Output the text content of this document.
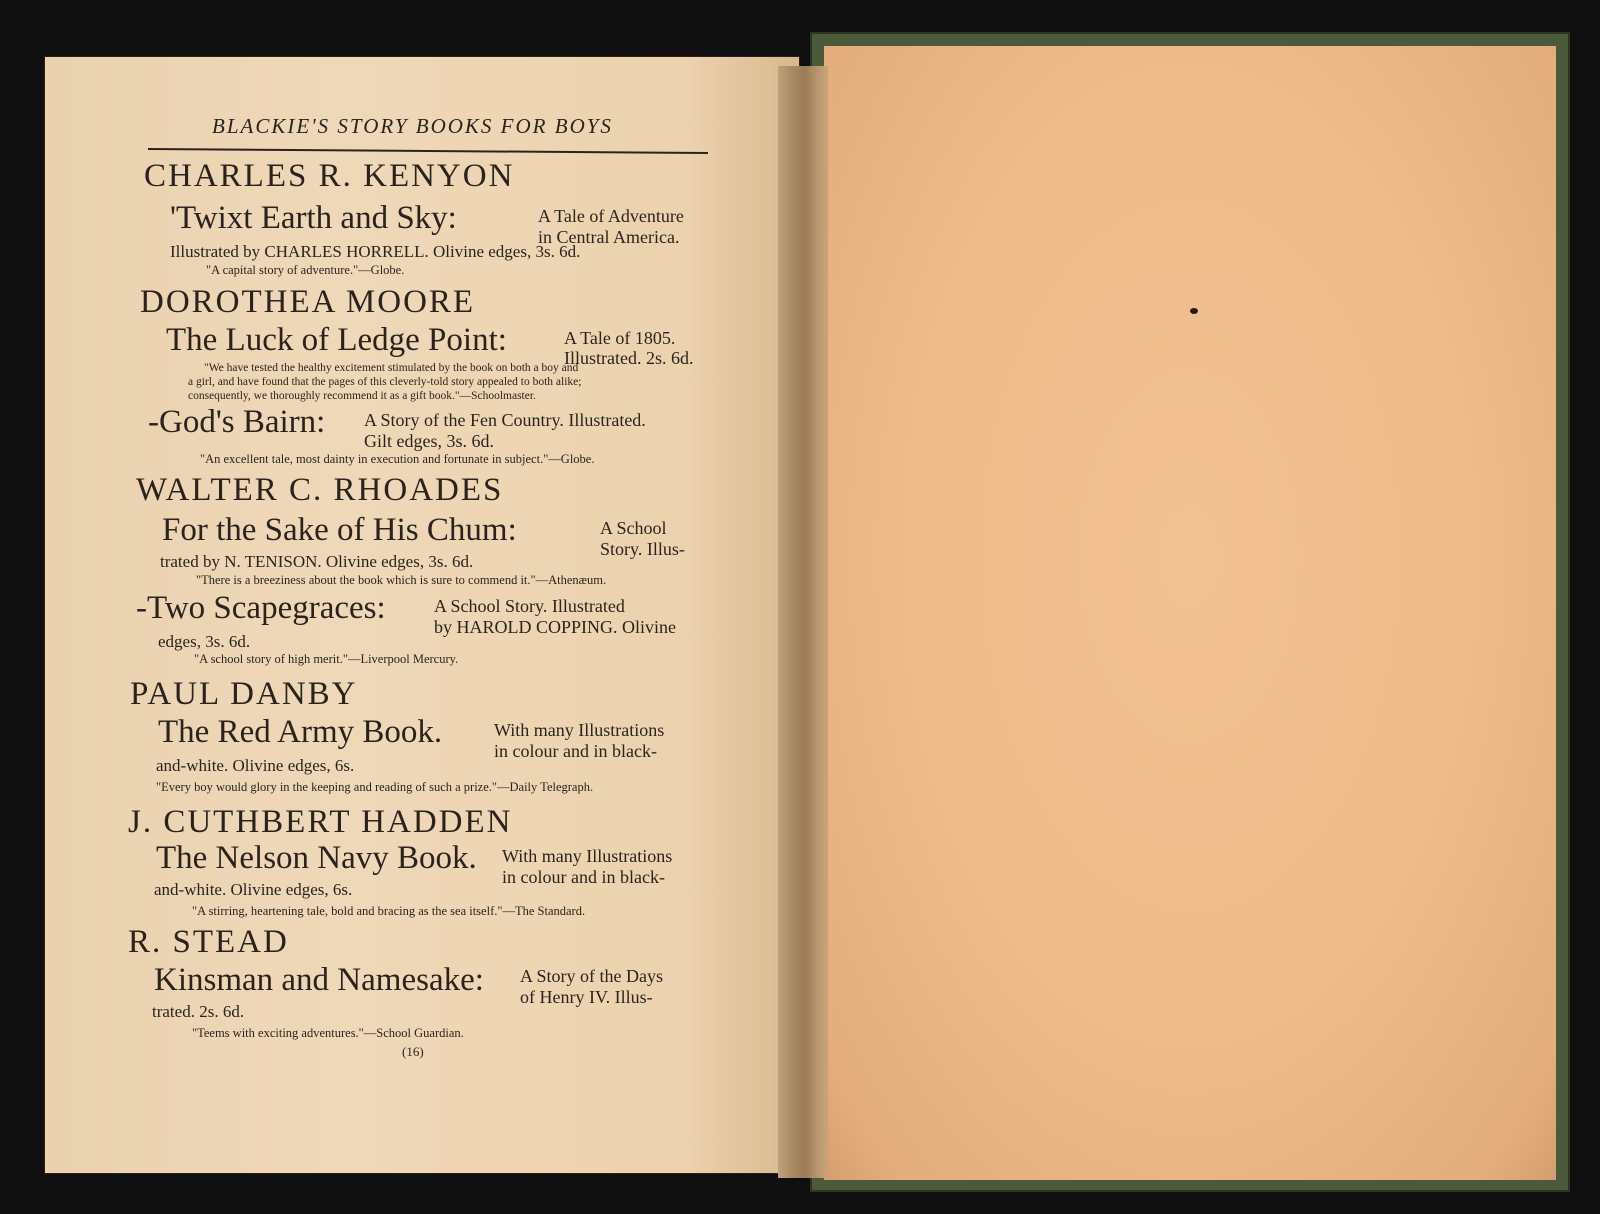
BLACKIE'S STORY BOOKS FOR BOYS
CHARLES R. KENYON
'Twixt Earth and Sky:	A Tale of Adventure
in Central America.
Illustrated by CHARLES HORRELL. Olivine edges, 3s. 6d.
"A capital story of adventure."—Globe.
DOROTHEA MOORE
The Luck of Ledge Point:	A Tale of 1805.
Illustrated. 2s. 6d.
"We have tested the healthy excitement stimulated by the book on both a boy and
a girl, and have found that the pages of this cleverly-told story appealed to both alike;
consequently, we thoroughly recommend it as a gift book."—Schoolmaster.
-God's Bairn: A Story of the Fen Country. Illustrated.
Gilt edges, 3s. 6d.
"An excellent tale, most dainty in execution and fortunate in subject."—Globe.
WALTER C. RHOADES
For the Sake of His Chum:	A School
Story. Illus-
trated by N. TENISON. Olivine edges, 3s. 6d.
"There is a breeziness about the book which is sure to commend it."—Athenæum.
-Two Scapegraces:	A School Story. Illustrated
by HAROLD COPPING. Olivine
edges, 3s. 6d.
"A school story of high merit."—Liverpool Mercury.
PAUL DANBY
The Red Army Book.	With many Illustrations
in colour and in black-
and-white. Olivine edges, 6s.
"Every boy would glory in the keeping and reading of such a prize."—Daily Telegraph.
J. CUTHBERT HADDEN
The Nelson Navy Book. With many Illustrations
in colour and in black-
and-white. Olivine edges, 6s.
"A stirring, heartening tale, bold and bracing as the sea itself."—The Standard.
R. STEAD
Kinsman and Namesake: A Story of the Days
of Henry IV. Illus-
trated. 2s. 6d.
"Teems with exciting adventures."—School Guardian.
(16)
